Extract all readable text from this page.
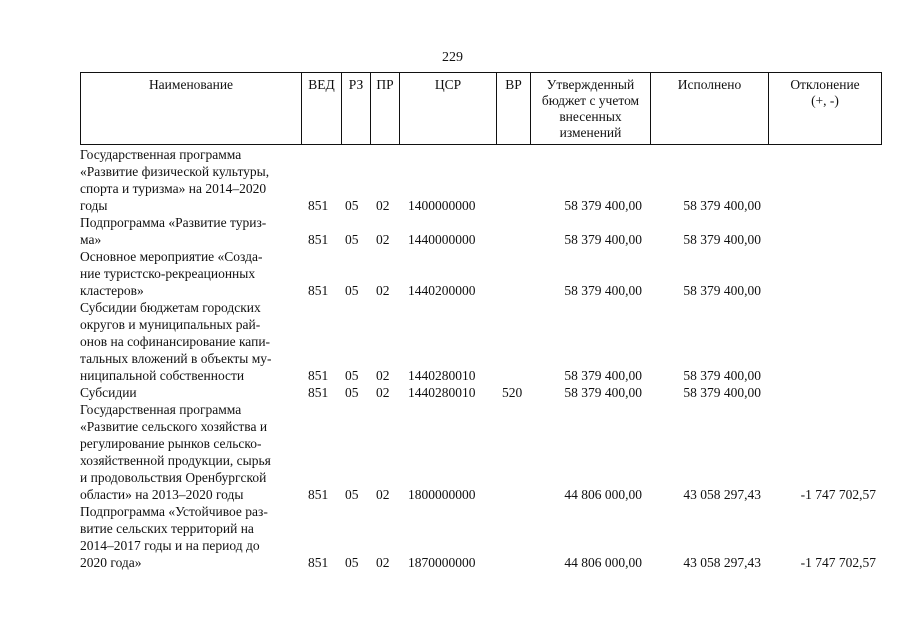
229
Наименование	ВЕД	РЗ ПР	ЦСР	ВР	Утвержденный
бюджет с учетом
внесенных
изменений
Исполнено	Отклонение
(+, -)
Государственная программа
«Развитие физической культуры,
спорта и туризма» на 2014–2020
годы	851 05 02 1400000000	58 379 400,00	58 379 400,00
Подпрограмма «Развитие туриз-
ма»	851 05 02 1440000000	58 379 400,00	58 379 400,00
Основное мероприятие «Созда-
ние туристско-рекреационных
кластеров»	851 05 02 1440200000	58 379 400,00	58 379 400,00
Субсидии бюджетам городских
округов и муниципальных рай-
онов на софинансирование капи-
тальных вложений в объекты му-
ниципальной собственности	851 05 02 1440280010	58 379 400,00	58 379 400,00
Субсидии	851 05 02 1440280010 520	58 379 400,00	58 379 400,00
Государственная программа
«Развитие сельского хозяйства и
регулирование рынков сельско-
хозяйственной продукции, сырья
и продовольствия Оренбургской
области» на 2013–2020 годы	851 05 02 1800000000	44 806 000,00	43 058 297,43	-1 747 702,57
Подпрограмма «Устойчивое раз-
витие сельских территорий на
2014–2017 годы и на период до
2020 года»	851 05 02 1870000000	44 806 000,00	43 058 297,43	-1 747 702,57
